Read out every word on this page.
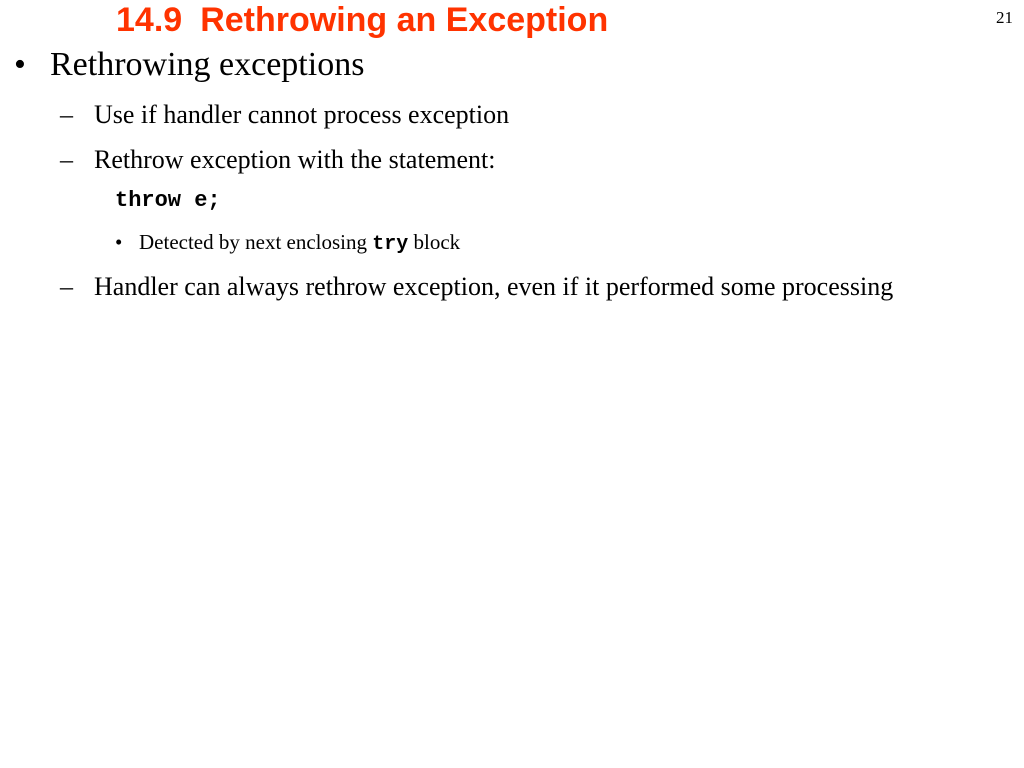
14.9 Rethrowing an Exception	21
• Rethrowing exceptions
– Use if handler cannot process exception
– Rethrow exception with the statement:
throw e;
• Detected by next enclosing try block
– Handler can always rethrow exception, even if it performed some processing
